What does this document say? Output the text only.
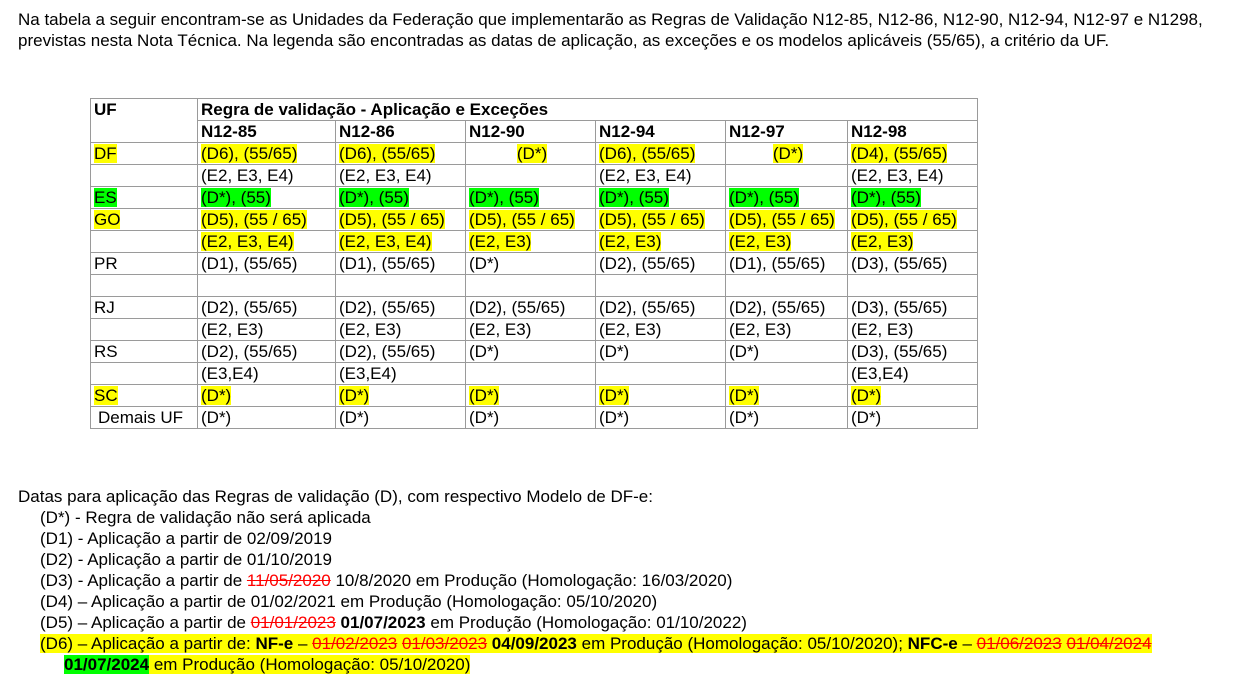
Na tabela a seguir encontram-se as Unidades da Federação que implementarão as Regras de Validação N12-85, N12-86, N12-90, N12-94, N12-97 e N1298, previstas nesta Nota Técnica. Na legenda são encontradas as datas de aplicação, as exceções e os modelos aplicáveis (55/65), a critério da UF.

UF	Regra de validação - Aplicação e Exceções					
	N12-85	N12-86	N12-90	N12-94	N12-97	N12-98
DF	(D6), (55/65)	(D6), (55/65)	(D*)	(D6), (55/65)	(D*)	(D4), (55/65)
	(E2, E3, E4)	(E2, E3, E4)		(E2, E3, E4)		(E2, E3, E4)
ES	(D*), (55)	(D*), (55)	(D*), (55)	(D*), (55)	(D*), (55)	(D*), (55)
GO	(D5), (55 / 65)	(D5), (55 / 65)	(D5), (55 / 65)	(D5), (55 / 65)	(D5), (55 / 65)	(D5), (55 / 65)
	(E2, E3, E4)	(E2, E3, E4)	(E2, E3)	(E2, E3)	(E2, E3)	(E2, E3)
PR	(D1), (55/65)	(D1), (55/65)	(D*)	(D2), (55/65)	(D1), (55/65)	(D3), (55/65)

RJ	(D2), (55/65)	(D2), (55/65)	(D2), (55/65)	(D2), (55/65)	(D2), (55/65)	(D3), (55/65)
	(E2, E3)	(E2, E3)	(E2, E3)	(E2, E3)	(E2, E3)	(E2, E3)
RS	(D2), (55/65)	(D2), (55/65)	(D*)	(D*)	(D*)	(D3), (55/65)
	(E3,E4)	(E3,E4)				(E3,E4)
SC	(D*)	(D*)	(D*)	(D*)	(D*)	(D*)
Demais UF	(D*)	(D*)	(D*)	(D*)	(D*)	(D*)
Datas para aplicação das Regras de validação (D), com respectivo Modelo de DF-e:
(D*) - Regra de validação não será aplicada
(D1) - Aplicação a partir de 02/09/2019
(D2) - Aplicação a partir de 01/10/2019
(D3) - Aplicação a partir de 11/05/2020 10/8/2020 em Produção (Homologação: 16/03/2020)
(D4) – Aplicação a partir de 01/02/2021 em Produção (Homologação: 05/10/2020)
(D5) – Aplicação a partir de 01/01/2023 01/07/2023 em Produção (Homologação: 01/10/2022)
(D6) – Aplicação a partir de: NF-e – 01/02/2023 01/03/2023 04/09/2023 em Produção (Homologação: 05/10/2020); NFC-e – 01/06/2023 01/04/2024
01/07/2024 em Produção (Homologação: 05/10/2020)
